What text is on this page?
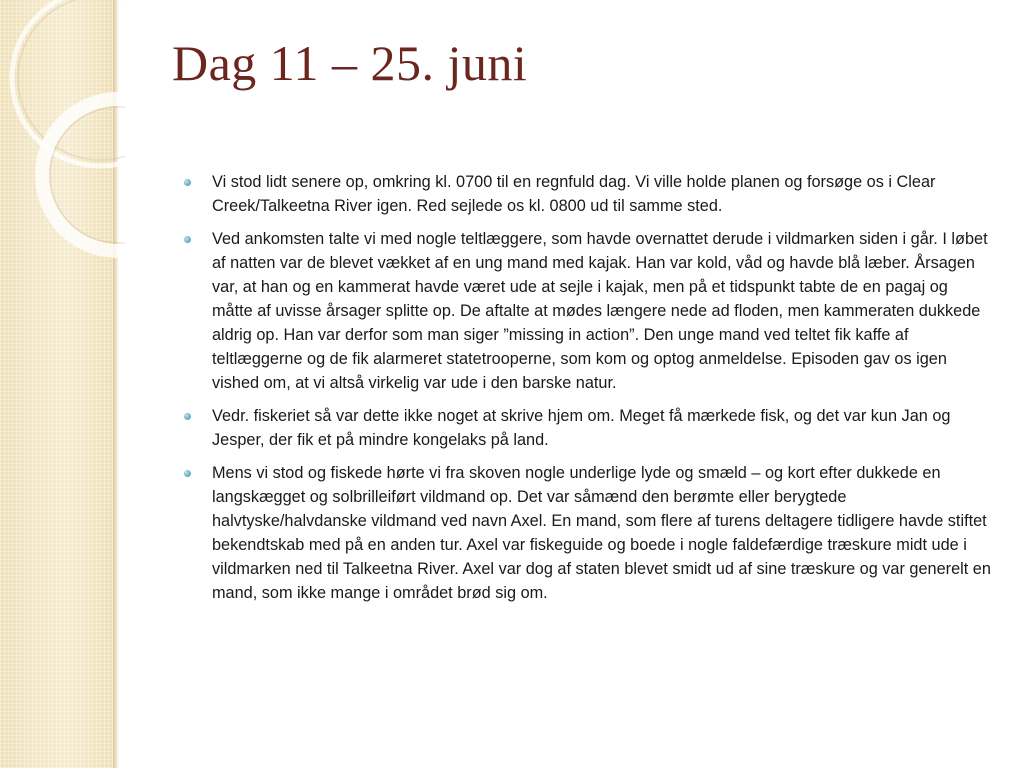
Dag 11 – 25. juni
Vi stod lidt senere op, omkring kl. 0700 til en regnfuld dag. Vi ville holde planen og forsøge os i Clear Creek/Talkeetna River igen. Red sejlede os kl. 0800 ud til samme sted.
Ved ankomsten talte vi med nogle teltlæggere, som havde overnattet derude i vildmarken siden i går. I løbet af natten var de blevet vækket af en ung mand med kajak. Han var kold, våd og havde blå læber. Årsagen var, at han og en kammerat havde været ude at sejle i kajak, men på et tidspunkt tabte de en pagaj og måtte af uvisse årsager splitte op. De aftalte at mødes længere nede ad floden, men kammeraten dukkede aldrig op. Han var derfor som man siger ”missing in action”. Den unge mand ved teltet fik kaffe af teltlæggerne og de fik alarmeret statetrooperne, som kom og optog anmeldelse. Episoden gav os igen vished om, at vi altså virkelig var ude i den barske natur.
Vedr. fiskeriet så var dette ikke noget at skrive hjem om. Meget få mærkede fisk, og det var kun Jan og Jesper, der fik et på mindre kongelaks på land.
Mens vi stod og fiskede hørte vi fra skoven nogle underlige lyde og smæld – og kort efter dukkede en langskægget og solbrilleiført vildmand op. Det var såmænd den berømte eller berygtede halvtyske/halvdanske vildmand ved navn Axel. En mand, som flere af turens deltagere tidligere havde stiftet bekendtskab med på en anden tur. Axel var fiskeguide og boede i nogle faldefærdige træskure midt ude i vildmarken ned til Talkeetna River. Axel var dog af staten blevet smidt ud af sine træskure og var generelt en mand, som ikke mange i området brød sig om.
